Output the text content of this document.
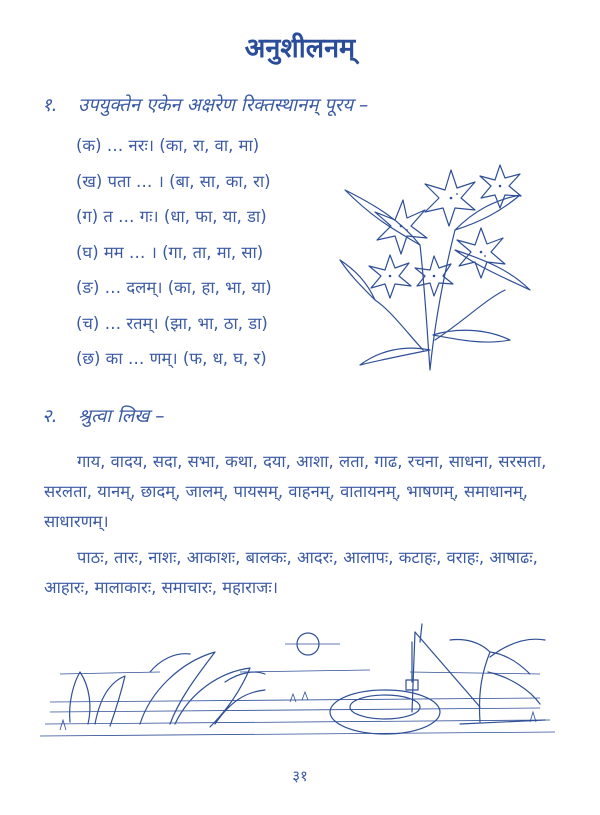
अनुशीलनम्
१. उपयुक्तेन एकेन अक्षरेण रिक्तस्थानम् पूरय –
(क) … नरः। (का, रा, वा, मा)
(ख) पता … । (बा, सा, का, रा)
(ग) त … गः। (धा, फा, या, डा)
(घ) मम … । (गा, ता, मा, सा)
(ङ) … दलम्। (का, हा, भा, या)
(च) … रतम्। (झा, भा, ठा, डा)
(छ) का … णम्। (फ, ध, घ, र)
२. श्रुत्वा लिख –
गाय, वादय, सदा, सभा, कथा, दया, आशा, लता, गाढ, रचना, साधना, सरसता, सरलता, यानम्, छादम्, जालम्, पायसम्, वाहनम्, वातायनम्, भाषणम्, समाधानम्, साधारणम्।
पाठः, तारः, नाशः, आकाशः, बालकः, आदरः, आलापः, कटाहः, वराहः, आषाढः, आहारः, मालाकारः, समाचारः, महाराजः।
३१
